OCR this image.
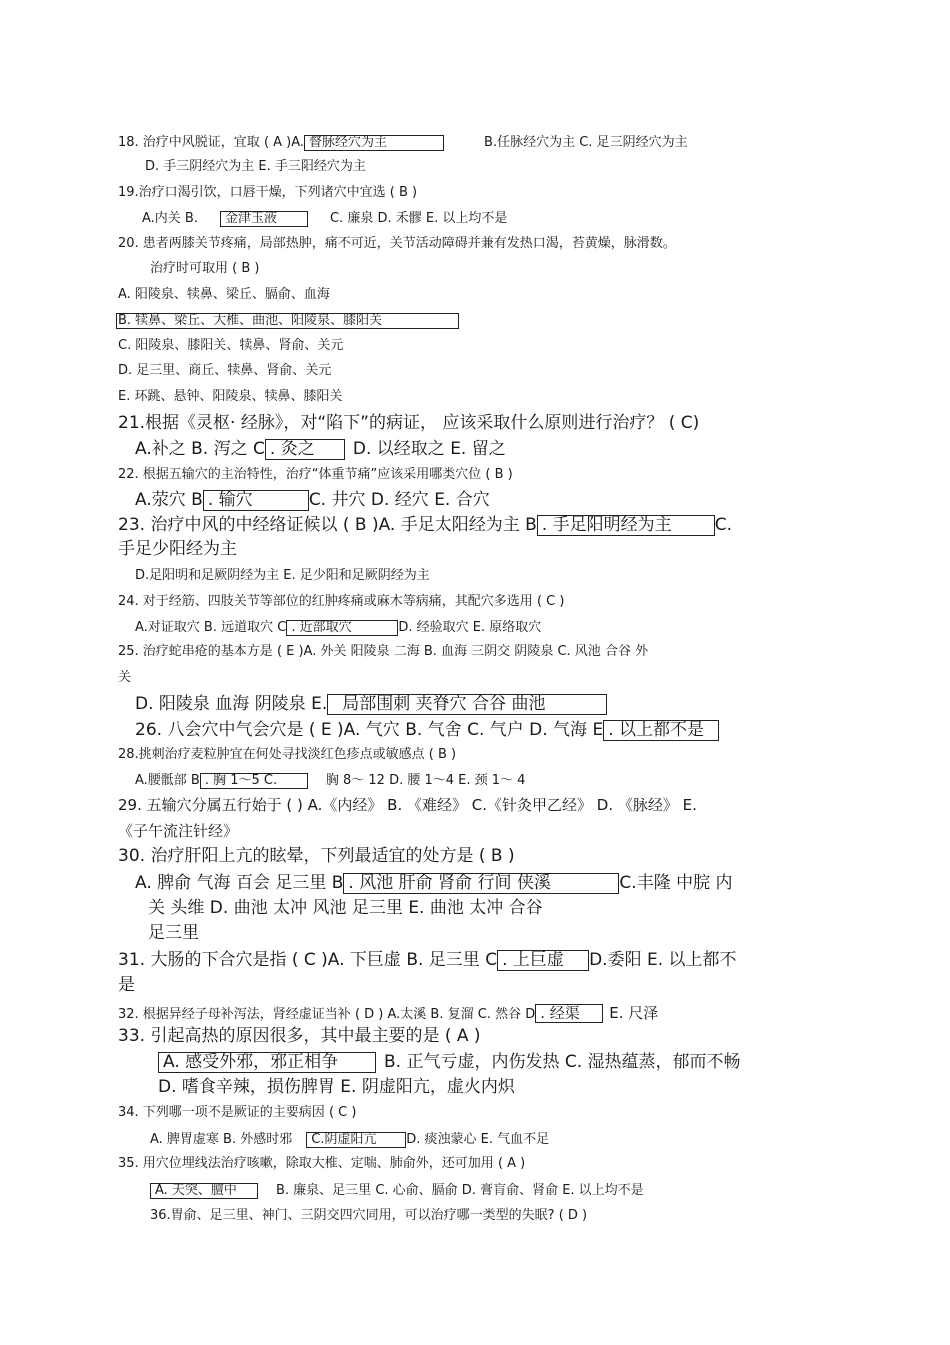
18. 治疗中风脱证，宜取 ( A )A. 督脉经穴为主	B.任脉经穴为主 C. 足三阴经穴为主
D. 手三阴经穴为主 E. 手三阳经穴为主
19.治疗口渴引饮，口唇干燥，下列诸穴中宜选 ( B )
A.内关 B. 金津玉液	C. 廉泉 D. 禾髎 E. 以上均不是
20. 患者两膝关节疼痛，局部热肿，痛不可近，关节活动障碍并兼有发热口渴，苔黄燥，脉滑数。
治疗时可取用 ( B )
A. 阳陵泉、犊鼻、梁丘、膈俞、血海
B. 犊鼻、梁丘、大椎、曲池、阳陵泉、膝阳关
C. 阳陵泉、膝阳关、犊鼻、肾俞、关元
D. 足三里、商丘、犊鼻、肾俞、关元
E. 环跳、悬钟、阳陵泉、犊鼻、膝阳关
21.根据《灵枢· 经脉》，对“陷下”的病证， 应该采取什么原则进行治疗？ ( C)
A.补之 B. 泻之 C . 灸之 D. 以经取之 E. 留之
22. 根据五输穴的主治特性，治疗“体重节痛”应该采用哪类穴位 ( B )
A.荥穴 B . 输穴	C. 井穴 D. 经穴 E. 合穴
23. 治疗中风的中经络证候以 ( B )A. 手足太阳经为主 B . 手足阳明经为主	C.
手足少阳经为主
D.足阳明和足厥阴经为主 E. 足少阳和足厥阴经为主
24. 对于经筋、四肢关节等部位的红肿疼痛或麻木等病痛，其配穴多选用 ( C )
A.对证取穴 B. 远道取穴 C . 近部取穴	D. 经验取穴 E. 原络取穴
25. 治疗蛇串疮的基本方是 ( E )A. 外关 阳陵泉 二海 B. 血海 三阴交 阴陵泉 C. 风池 合谷 外
关
D. 阳陵泉 血海 阴陵泉 E. 局部围刺 夹脊穴 合谷 曲池
26. 八会穴中气会穴是 ( E )A. 气穴 B. 气舍 C. 气户 D. 气海 E . 以上都不是
28.挑刺治疗麦粒肿宜在何处寻找淡红色疹点或敏感点 ( B )
A.腰骶部 B . 胸 1～5 C.	胸 8～ 12 D. 腰 1～4 E. 颈 1～ 4
29. 五输穴分属五行始于 ( ) A.《内经》 B. 《难经》 C.《针灸甲乙经》 D. 《脉经》 E.
《子午流注针经》
30. 治疗肝阳上亢的眩晕，下列最适宜的处方是 ( B )
A. 脾俞 气海 百会 足三里 B . 风池 肝俞 肾俞 行间 侠溪	C.丰隆 中脘 内
关 头维 D. 曲池 太冲 风池 足三里 E. 曲池 太冲 合谷
足三里
31. 大肠的下合穴是指 ( C )A. 下巨虚 B. 足三里 C . 上巨虚 D.委阳 E. 以上都不
是
32. 根据异经子母补泻法，肾经虚证当补 ( D ) A.太溪 B. 复溜 C. 然谷 D . 经渠 E. 尺泽
33. 引起高热的原因很多，其中最主要的是 ( A )
A. 感受外邪，邪正相争	B. 正气亏虚，内伤发热 C. 湿热蕴蒸，郁而不畅
D. 嗜食辛辣，损伤脾胃 E. 阴虚阳亢，虚火内炽
34. 下列哪一项不是厥证的主要病因 ( C )
A. 脾胃虚寒 B. 外感时邪 C.阴虚阳亢 D. 痰浊蒙心 E. 气血不足
35. 用穴位埋线法治疗咳嗽，除取大椎、定喘、肺俞外，还可加用 ( A )
A. 天突、膻中	B. 廉泉、足三里 C. 心俞、膈俞 D. 膏肓俞、肾俞 E. 以上均不是
36.胃俞、足三里、神门、三阴交四穴同用，可以治疗哪一类型的失眠? ( D )
